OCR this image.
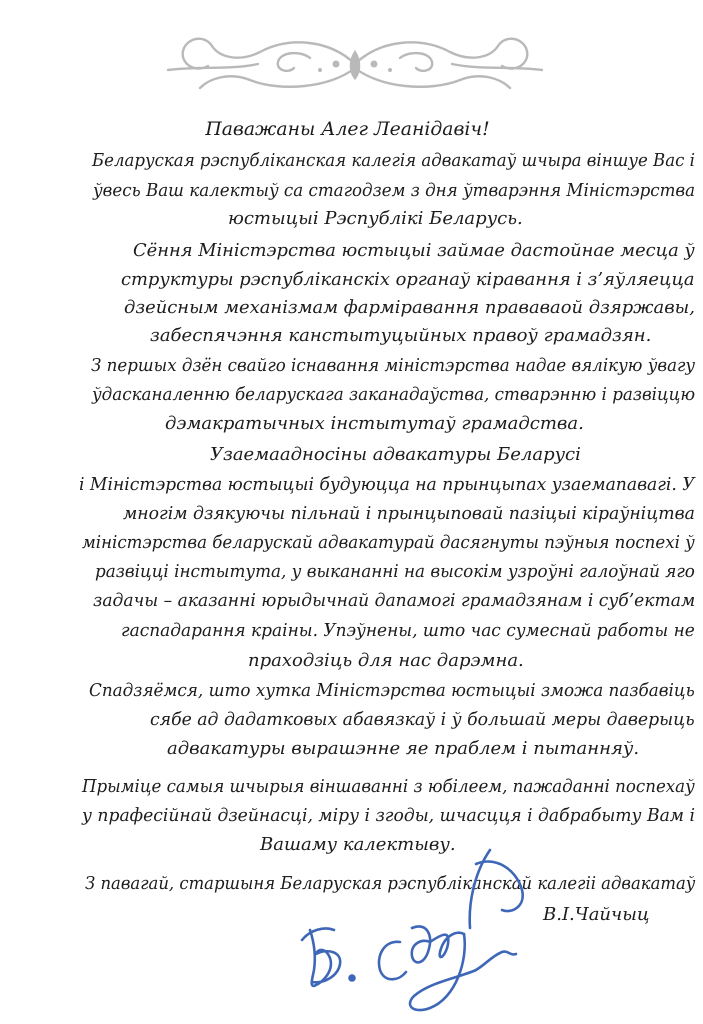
Паважаны Алег Леанідавіч!
Беларуская рэспубліканская калегія адвакатаў шчыра віншуе Вас і
ўвесь Ваш калектыў са стагодзем з дня ўтварэння Міністэрства
юстыцыі Рэспублікі Беларусь.
Сёння Міністэрства юстыцыі займае дастойнае месца ў
структуры рэспубліканскіх органаў кіравання і з’яўляецца
дзейсным механізмам фарміравання прававаой дзяржавы,
забеспячэння канстытуцыйных правоў грамадзян.
З першых дзён свайго існавання міністэрства надае вялікую ўвагу
ўдасканаленню беларускага заканадаўства, стварэнню і развіццю
дэмакратычных інстытутаў грамадства.
Узаемаадносіны адвакатуры Беларусі
і Міністэрства юстыцыі будуюцца на прынцыпах узаемапавагі. У
многім дзякуючы пільнай і прынцыповай пазіцыі кіраўніцтва
міністэрства беларускай адвакатурай дасягнуты пэўныя поспехі ў
развіцці інстытута, у выкананні на высокім узроўні галоўнай яго
задачы – аказанні юрыдычнай дапамогі грамадзянам і суб’ектам
гаспадарання краіны. Упэўнены, што час сумеснай работы не
праходзіць для нас дарэмна.
Спадзяёмся, што хутка Міністэрства юстыцыі зможа пазбавіць
сябе ад дадатковых абавязкаў і ў большай меры даверыць
адвакатуры вырашэнне яе праблем і пытанняў.
Прыміце самыя шчырыя віншаванні з юбілеем, пажаданні поспехаў
у прафесійнай дзейнасці, міру і згоды, шчасцця і дабрабыту Вам і
Вашаму калектыву.
З павагай, старшыня Беларуская рэспубліканскай калегіі адвакатаў
В.І.Чайчыц
